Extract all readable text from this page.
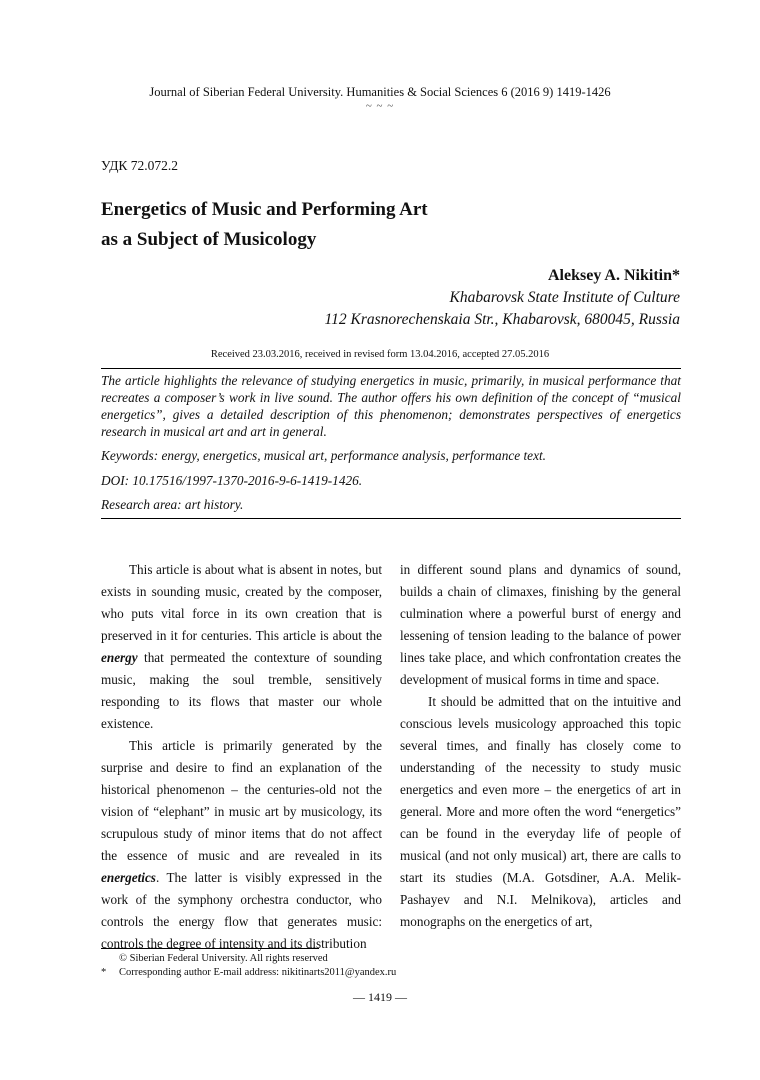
Journal of Siberian Federal University. Humanities & Social Sciences 6 (2016 9) 1419-1426
~ ~ ~
УДК 72.072.2
Energetics of Music and Performing Art
as a Subject of Musicology
Aleksey A. Nikitin*
Khabarovsk State Institute of Culture
112 Krasnorechenskaia Str., Khabarovsk, 680045, Russia
Received 23.03.2016, received in revised form 13.04.2016, accepted 27.05.2016
The article highlights the relevance of studying energetics in music, primarily, in musical performance that recreates a composer’s work in live sound. The author offers his own definition of the concept of “musical energetics”, gives a detailed description of this phenomenon; demonstrates perspectives of energetics research in musical art and art in general.
Keywords: energy, energetics, musical art, performance analysis, performance text.
DOI: 10.17516/1997-1370-2016-9-6-1419-1426.
Research area: art history.

This article is about what is absent in notes, but exists in sounding music, created by the composer, who puts vital force in its own creation that is preserved in it for centuries. This article is about the energy that permeated the contexture of sounding music, making the soul tremble, sensitively responding to its flows that master our whole existence.

This article is primarily generated by the surprise and desire to find an explanation of the historical phenomenon – the centuries-old not the vision of “elephant” in music art by musicology, its scrupulous study of minor items that do not affect the essence of music and are revealed in its energetics. The latter is visibly expressed in the work of the symphony orchestra conductor, who controls the energy flow that generates music: controls the degree of intensity and its distribution

in different sound plans and dynamics of sound, builds a chain of climaxes, finishing by the general culmination where a powerful burst of energy and lessening of tension leading to the balance of power lines take place, and which confrontation creates the development of musical forms in time and space.

It should be admitted that on the intuitive and conscious levels musicology approached this topic several times, and finally has closely come to understanding of the necessity to study music energetics and even more – the energetics of art in general. More and more often the word “energetics” can be found in the everyday life of people of musical (and not only musical) art, there are calls to start its studies (M.A. Gotsdiner, A.A. Melik-Pashayev and N.I. Melnikova), articles and monographs on the energetics of art,

© Siberian Federal University. All rights reserved
* Corresponding author E-mail address: nikitinarts2011@yandex.ru
— 1419 —
